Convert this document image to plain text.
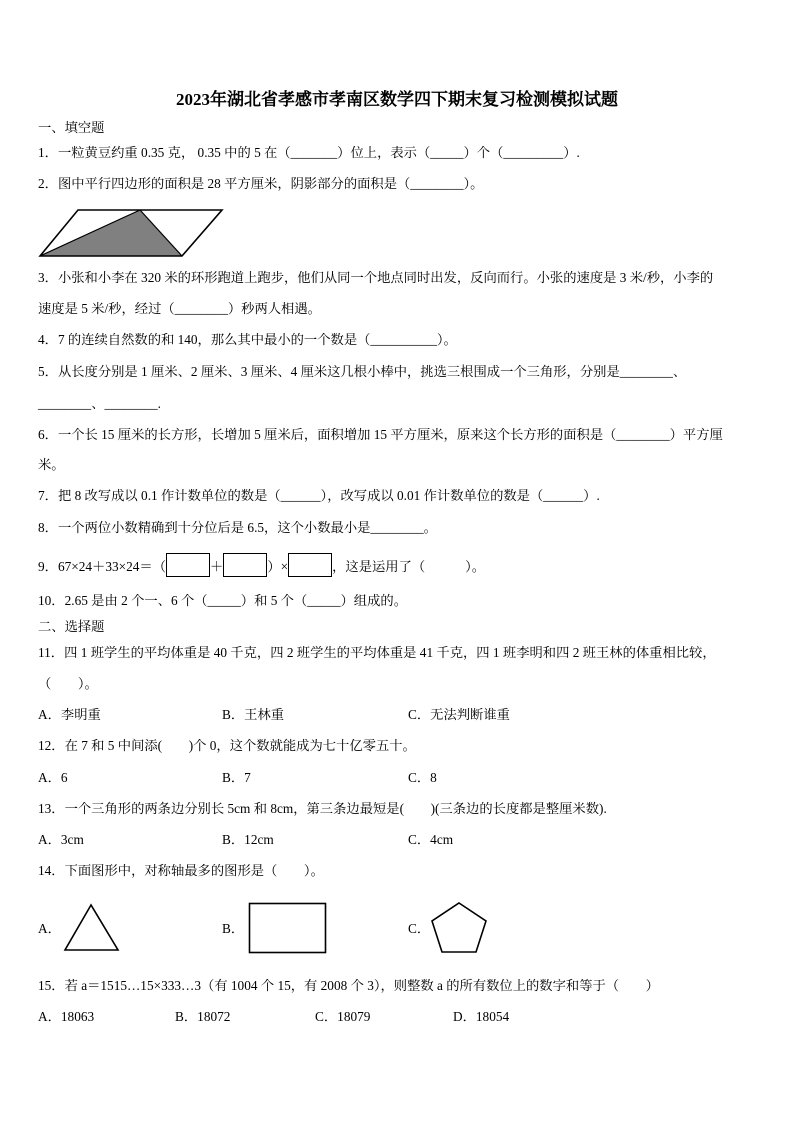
2023年湖北省孝感市孝南区数学四下期末复习检测模拟试题
一、填空题
1．一粒黄豆约重 0.35 克， 0.35 中的 5 在（_______）位上，表示（_____）个（_________）.
2．图中平行四边形的面积是 28 平方厘米，阴影部分的面积是（________）。
3．小张和小李在 320 米的环形跑道上跑步，他们从同一个地点同时出发，反向而行。小张的速度是 3 米/秒，小李的
速度是 5 米/秒，经过（________）秒两人相遇。
4．7 的连续自然数的和 140，那么其中最小的一个数是（__________）。
5．从长度分别是 1 厘米、2 厘米、3 厘米、4 厘米这几根小棒中，挑选三根围成一个三角形，分别是________、
________、________.
6．一个长 15 厘米的长方形，长增加 5 厘米后，面积增加 15 平方厘米，原来这个长方形的面积是（________）平方厘
米。
7．把 8 改写成以 0.1 作计数单位的数是（______），改写成以 0.01 作计数单位的数是（______）.
8．一个两位小数精确到十分位后是 6.5，这个小数最小是________。
9．67×24＋33×24＝（	＋	）×	，这是运用了（　　　）。
10．2.65 是由 2 个一、6 个（_____）和 5 个（_____）组成的。
二、选择题
11．四 1 班学生的平均体重是 40 千克，四 2 班学生的平均体重是 41 千克，四 1 班李明和四 2 班王林的体重相比较，
（　　）。
A．李明重	B．王林重	C．无法判断谁重
12．在 7 和 5 中间添(　　)个 0，这个数就能成为七十亿零五十。
A．6	B．7	C．8
13．一个三角形的两条边分别长 5cm 和 8cm，第三条边最短是(　　)(三条边的长度都是整厘米数).
A．3cm	B．12cm	C．4cm
14．下面图形中，对称轴最多的图形是（　　）。
A．	B．	C．
15．若 a＝1515…15×333…3（有 1004 个 15，有 2008 个 3），则整数 a 的所有数位上的数字和等于（　　）
A．18063	B．18072	C．18079	D．18054
